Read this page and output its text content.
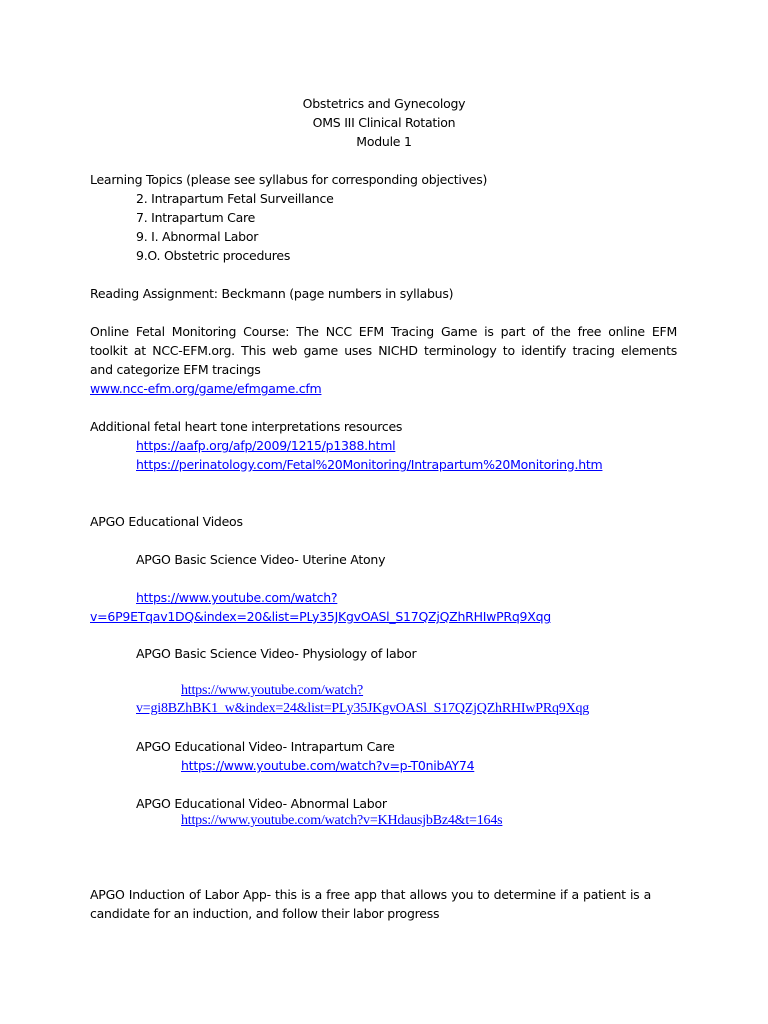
Obstetrics and Gynecology
OMS III Clinical Rotation
Module 1
Learning Topics (please see syllabus for corresponding objectives)
2. Intrapartum Fetal Surveillance
7. Intrapartum Care
9. I. Abnormal Labor
9.O. Obstetric procedures
Reading Assignment: Beckmann (page numbers in syllabus)
Online Fetal Monitoring Course: The NCC EFM Tracing Game is part of the free online EFM
toolkit at NCC-EFM.org. This web game uses NICHD terminology to identify tracing elements
and categorize EFM tracings
www.ncc-efm.org/game/efmgame.cfm
Additional fetal heart tone interpretations resources
https://aafp.org/afp/2009/1215/p1388.html
https://perinatology.com/Fetal%20Monitoring/Intrapartum%20Monitoring.htm
APGO Educational Videos
APGO Basic Science Video- Uterine Atony
https://www.youtube.com/watch?
v=6P9ETqav1DQ&index=20&list=PLy35JKgvOASl_S17QZjQZhRHIwPRq9Xqg
APGO Basic Science Video- Physiology of labor
https://www.youtube.com/watch?
v=gi8BZhBK1_w&index=24&list=PLy35JKgvOASl_S17QZjQZhRHIwPRq9Xqg
APGO Educational Video- Intrapartum Care
https://www.youtube.com/watch?v=p-T0nibAY74
APGO Educational Video- Abnormal Labor
https://www.youtube.com/watch?v=KHdausjbBz4&t=164s
APGO Induction of Labor App- this is a free app that allows you to determine if a patient is a
candidate for an induction, and follow their labor progress
